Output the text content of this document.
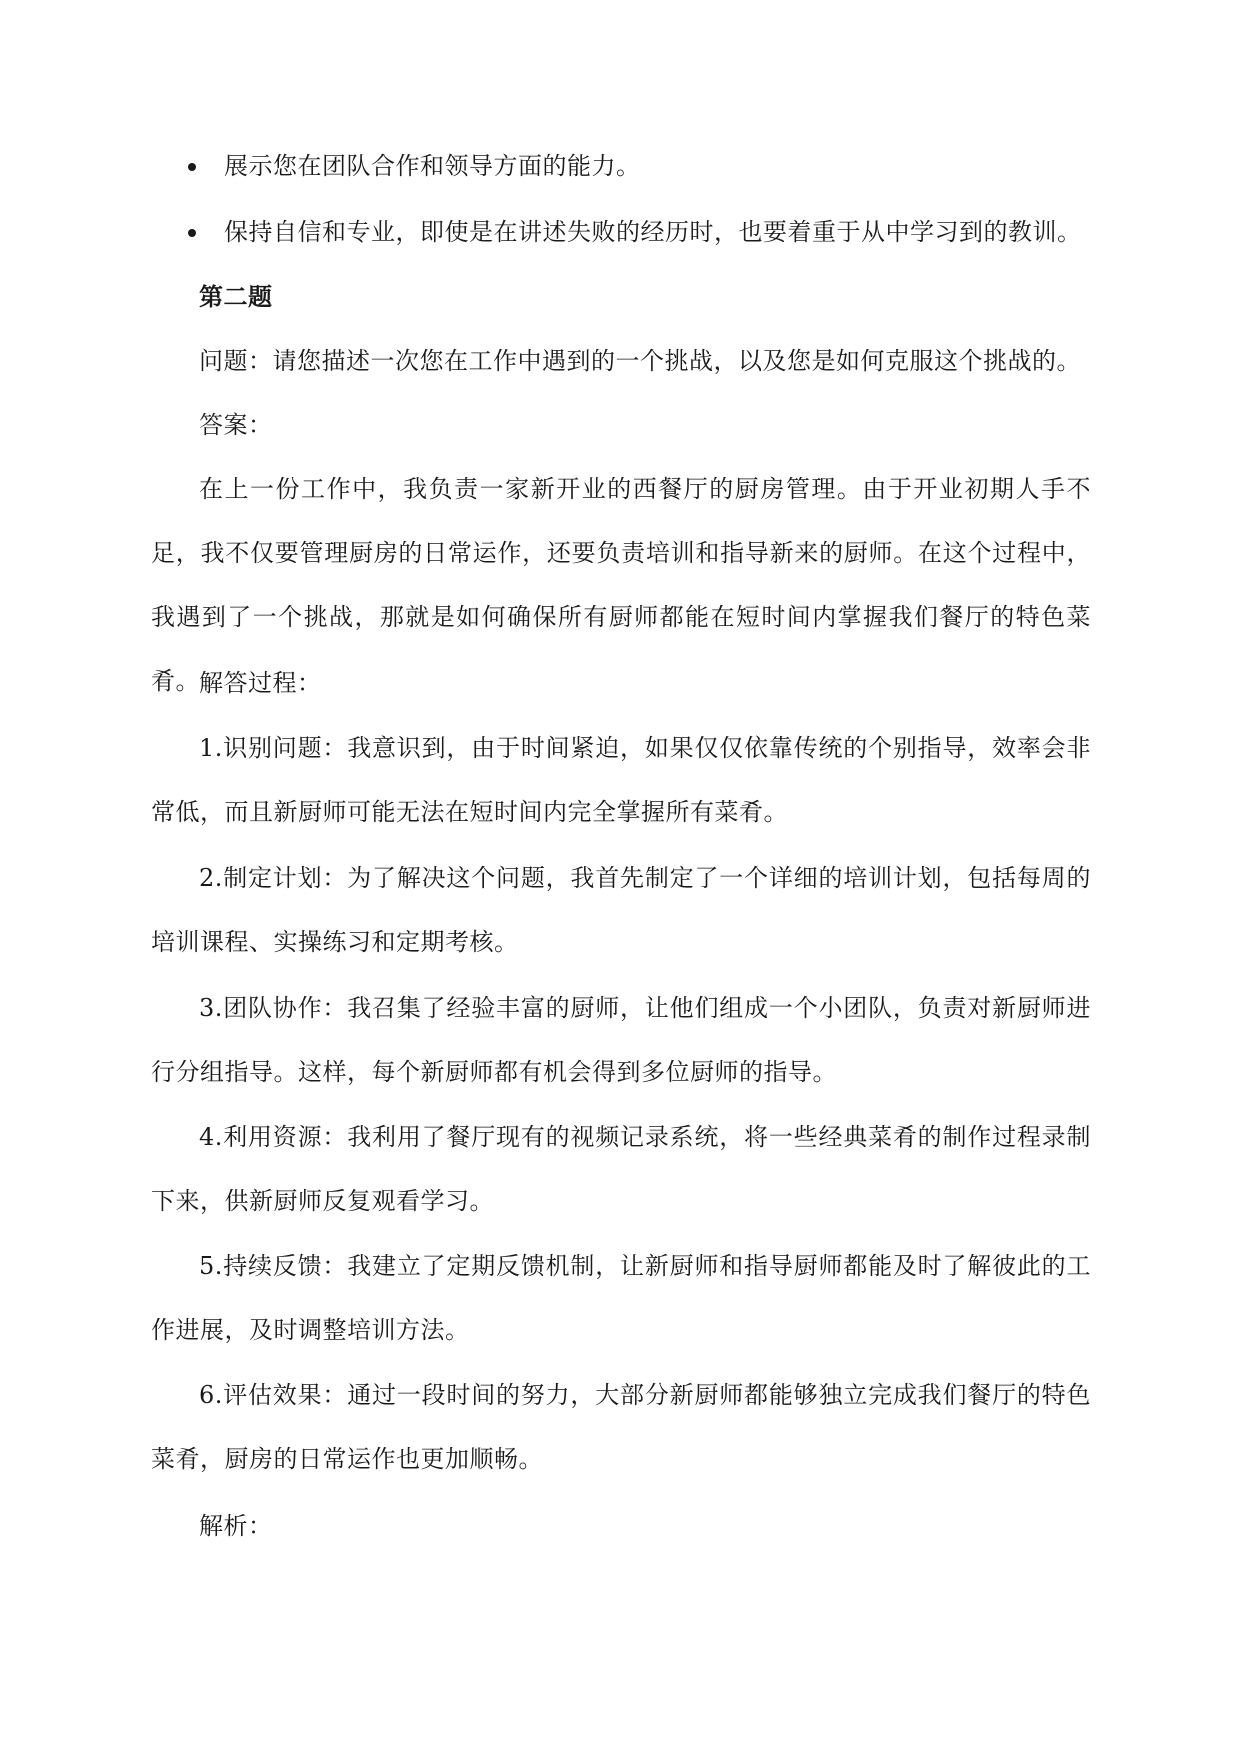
展示您在团队合作和领导方面的能力。
保持自信和专业，即使是在讲述失败的经历时，也要着重于从中学习到的教训。
第二题
问题：请您描述一次您在工作中遇到的一个挑战，以及您是如何克服这个挑战的。
答案：
在上一份工作中，我负责一家新开业的西餐厅的厨房管理。由于开业初期人手不足，我不仅要管理厨房的日常运作，还要负责培训和指导新来的厨师。在这个过程中，我遇到了一个挑战，那就是如何确保所有厨师都能在短时间内掌握我们餐厅的特色菜肴。 解答过程：
1.识别问题：我意识到，由于时间紧迫，如果仅仅依靠传统的个别指导，效率会非常低，而且新厨师可能无法在短时间内完全掌握所有菜肴。
2.制定计划：为了解决这个问题，我首先制定了一个详细的培训计划，包括每周的培训课程、实操练习和定期考核。
3.团队协作：我召集了经验丰富的厨师，让他们组成一个小团队，负责对新厨师进行分组指导。这样，每个新厨师都有机会得到多位厨师的指导。
4.利用资源：我利用了餐厅现有的视频记录系统，将一些经典菜肴的制作过程录制下来，供新厨师反复观看学习。
5.持续反馈：我建立了定期反馈机制，让新厨师和指导厨师都能及时了解彼此的工作进展，及时调整培训方法。
6.评估效果：通过一段时间的努力，大部分新厨师都能够独立完成我们餐厅的特色菜肴，厨房的日常运作也更加顺畅。
解析：
